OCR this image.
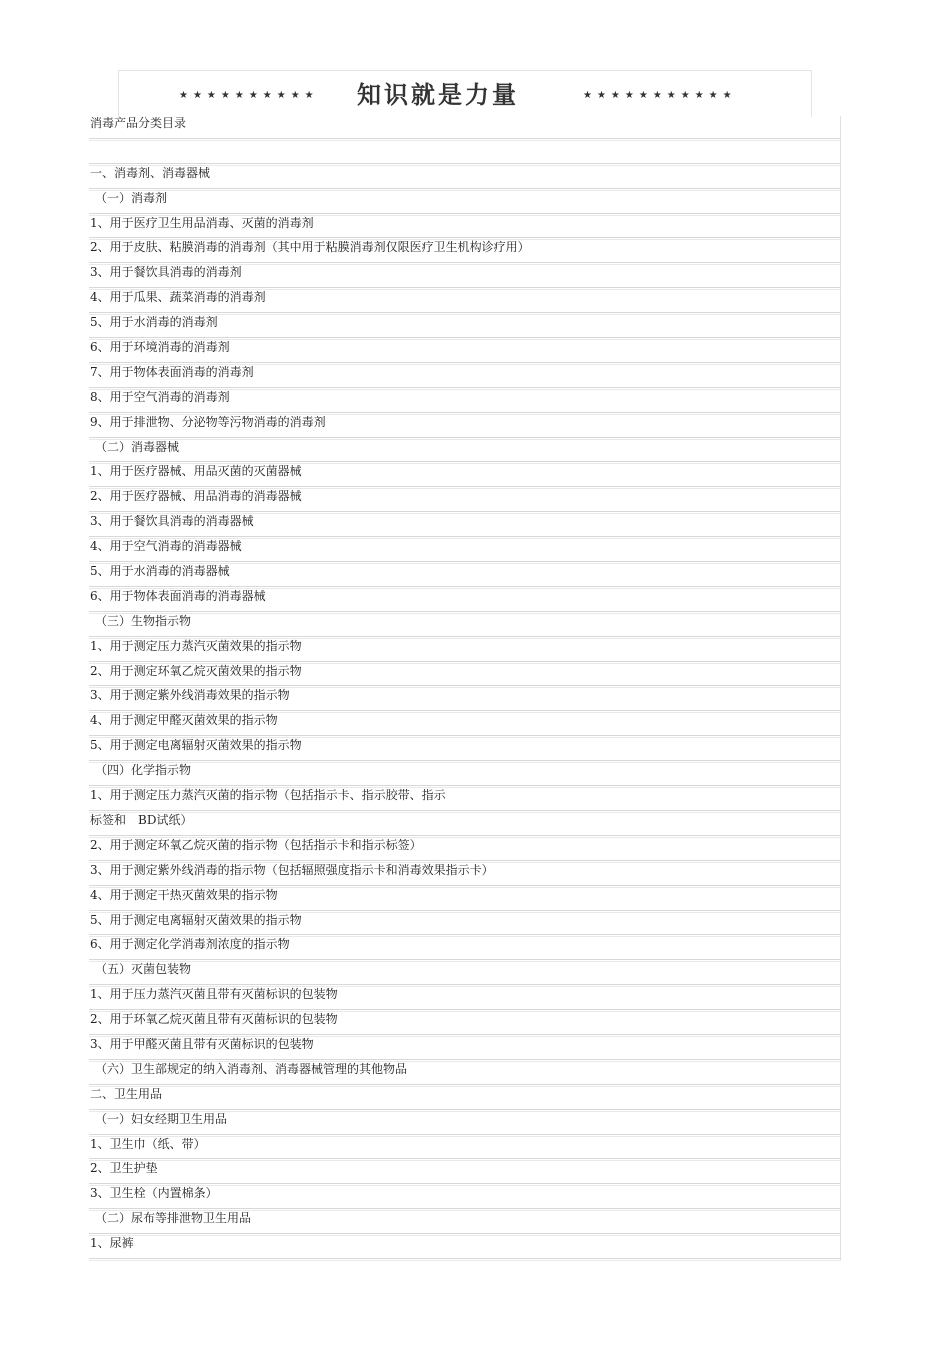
★★★★★★★★★★ 知识就是力量	★★★★★★★★★★★
消毒产品分类目录
一、消毒剂、消毒器械
（一）消毒剂
1、用于医疗卫生用品消毒、灭菌的消毒剂
2、用于皮肤、粘膜消毒的消毒剂（其中用于粘膜消毒剂仅限医疗卫生机构诊疗用）
3、用于餐饮具消毒的消毒剂
4、用于瓜果、蔬菜消毒的消毒剂
5、用于水消毒的消毒剂
6、用于环境消毒的消毒剂
7、用于物体表面消毒的消毒剂
8、用于空气消毒的消毒剂
9、用于排泄物、分泌物等污物消毒的消毒剂
（二）消毒器械
1、用于医疗器械、用品灭菌的灭菌器械
2、用于医疗器械、用品消毒的消毒器械
3、用于餐饮具消毒的消毒器械
4、用于空气消毒的消毒器械
5、用于水消毒的消毒器械
6、用于物体表面消毒的消毒器械
（三）生物指示物
1、用于测定压力蒸汽灭菌效果的指示物
2、用于测定环氧乙烷灭菌效果的指示物
3、用于测定紫外线消毒效果的指示物
4、用于测定甲醛灭菌效果的指示物
5、用于测定电离辐射灭菌效果的指示物
（四）化学指示物
1、用于测定压力蒸汽灭菌的指示物（包括指示卡、指示胶带、指示
标签和　BD试纸）
2、用于测定环氧乙烷灭菌的指示物（包括指示卡和指示标签）
3、用于测定紫外线消毒的指示物（包括辐照强度指示卡和消毒效果指示卡）
4、用于测定干热灭菌效果的指示物
5、用于测定电离辐射灭菌效果的指示物
6、用于测定化学消毒剂浓度的指示物
（五）灭菌包装物
1、用于压力蒸汽灭菌且带有灭菌标识的包装物
2、用于环氧乙烷灭菌且带有灭菌标识的包装物
3、用于甲醛灭菌且带有灭菌标识的包装物
（六）卫生部规定的纳入消毒剂、消毒器械管理的其他物品
二、卫生用品
（一）妇女经期卫生用品
1、卫生巾（纸、带）
2、卫生护垫
3、卫生栓（内置棉条）
（二）尿布等排泄物卫生用品
1、尿裤
